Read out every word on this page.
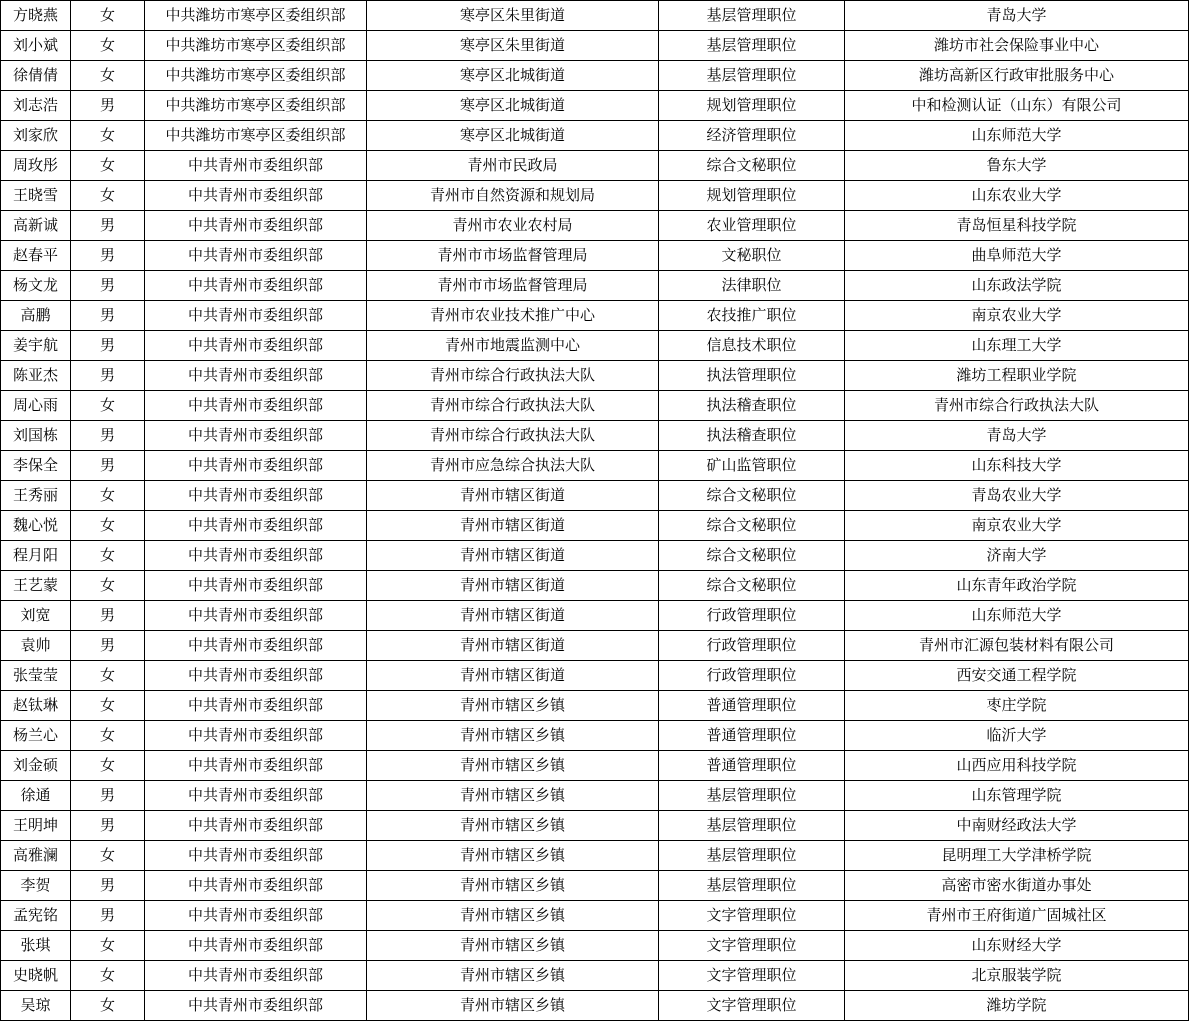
方晓燕	女	中共潍坊市寒亭区委组织部	寒亭区朱里街道	基层管理职位	青岛大学
刘小斌	女	中共潍坊市寒亭区委组织部	寒亭区朱里街道	基层管理职位	潍坊市社会保险事业中心
徐倩倩	女	中共潍坊市寒亭区委组织部	寒亭区北城街道	基层管理职位	潍坊高新区行政审批服务中心
刘志浩	男	中共潍坊市寒亭区委组织部	寒亭区北城街道	规划管理职位	中和检测认证（山东）有限公司
刘家欣	女	中共潍坊市寒亭区委组织部	寒亭区北城街道	经济管理职位	山东师范大学
周玫彤	女	中共青州市委组织部	青州市民政局	综合文秘职位	鲁东大学
王晓雪	女	中共青州市委组织部	青州市自然资源和规划局	规划管理职位	山东农业大学
高新诚	男	中共青州市委组织部	青州市农业农村局	农业管理职位	青岛恒星科技学院
赵春平	男	中共青州市委组织部	青州市市场监督管理局	文秘职位	曲阜师范大学
杨文龙	男	中共青州市委组织部	青州市市场监督管理局	法律职位	山东政法学院
高鹏	男	中共青州市委组织部	青州市农业技术推广中心	农技推广职位	南京农业大学
姜宇航	男	中共青州市委组织部	青州市地震监测中心	信息技术职位	山东理工大学
陈亚杰	男	中共青州市委组织部	青州市综合行政执法大队	执法管理职位	潍坊工程职业学院
周心雨	女	中共青州市委组织部	青州市综合行政执法大队	执法稽查职位	青州市综合行政执法大队
刘国栋	男	中共青州市委组织部	青州市综合行政执法大队	执法稽查职位	青岛大学
李保全	男	中共青州市委组织部	青州市应急综合执法大队	矿山监管职位	山东科技大学
王秀丽	女	中共青州市委组织部	青州市辖区街道	综合文秘职位	青岛农业大学
魏心悦	女	中共青州市委组织部	青州市辖区街道	综合文秘职位	南京农业大学
程月阳	女	中共青州市委组织部	青州市辖区街道	综合文秘职位	济南大学
王艺蒙	女	中共青州市委组织部	青州市辖区街道	综合文秘职位	山东青年政治学院
刘宽	男	中共青州市委组织部	青州市辖区街道	行政管理职位	山东师范大学
袁帅	男	中共青州市委组织部	青州市辖区街道	行政管理职位	青州市汇源包装材料有限公司
张莹莹	女	中共青州市委组织部	青州市辖区街道	行政管理职位	西安交通工程学院
赵钛琳	女	中共青州市委组织部	青州市辖区乡镇	普通管理职位	枣庄学院
杨兰心	女	中共青州市委组织部	青州市辖区乡镇	普通管理职位	临沂大学
刘金硕	女	中共青州市委组织部	青州市辖区乡镇	普通管理职位	山西应用科技学院
徐通	男	中共青州市委组织部	青州市辖区乡镇	基层管理职位	山东管理学院
王明坤	男	中共青州市委组织部	青州市辖区乡镇	基层管理职位	中南财经政法大学
高雅澜	女	中共青州市委组织部	青州市辖区乡镇	基层管理职位	昆明理工大学津桥学院
李贺	男	中共青州市委组织部	青州市辖区乡镇	基层管理职位	高密市密水街道办事处
孟宪铭	男	中共青州市委组织部	青州市辖区乡镇	文字管理职位	青州市王府街道广固城社区
张琪	女	中共青州市委组织部	青州市辖区乡镇	文字管理职位	山东财经大学
史晓帆	女	中共青州市委组织部	青州市辖区乡镇	文字管理职位	北京服装学院
吴琼	女	中共青州市委组织部	青州市辖区乡镇	文字管理职位	潍坊学院
